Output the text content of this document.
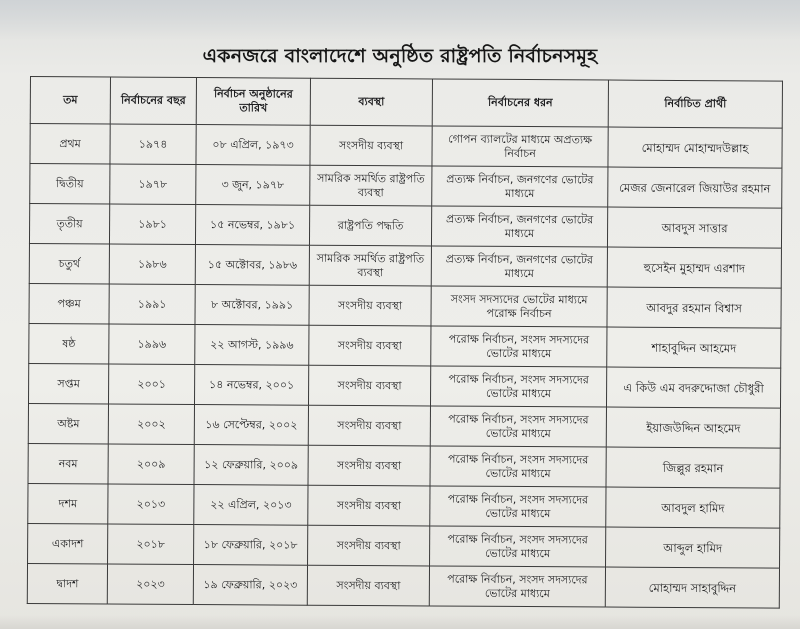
একনজরে বাংলাদেশে অনুষ্ঠিত রাষ্ট্রপতি নির্বাচনসমূহ
তম	নির্বাচনের বছর	নির্বাচন অনুষ্ঠানের তারিখ	ব্যবস্থা	নির্বাচনের ধরন	নির্বাচিত প্রার্থী
প্রথম	১৯৭৪	০৮ এপ্রিল, ১৯৭৩	সংসদীয় ব্যবস্থা	গোপন ব্যালটের মাধ্যমে অপ্রত্যক্ষ নির্বাচন	মোহাম্মদ মোহাম্মদউল্লাহ
দ্বিতীয়	১৯৭৮	৩ জুন, ১৯৭৮	সামরিক সমর্থিত রাষ্ট্রপতি ব্যবস্থা	প্রত্যক্ষ নির্বাচন, জনগণের ভোটের মাধ্যমে	মেজর জেনারেল জিয়াউর রহমান
তৃতীয়	১৯৮১	১৫ নভেম্বর, ১৯৮১	রাষ্ট্রপতি পদ্ধতি	প্রত্যক্ষ নির্বাচন, জনগণের ভোটের মাধ্যমে	আবদুস সাত্তার
চতুর্থ	১৯৮৬	১৫ অক্টোবর, ১৯৮৬	সামরিক সমর্থিত রাষ্ট্রপতি ব্যবস্থা	প্রত্যক্ষ নির্বাচন, জনগণের ভোটের মাধ্যমে	হুসেইন মুহাম্মদ এরশাদ
পঞ্চম	১৯৯১	৮ অক্টোবর, ১৯৯১	সংসদীয় ব্যবস্থা	সংসদ সদস্যদের ভোটের মাধ্যমে পরোক্ষ নির্বাচন	আবদুর রহমান বিশ্বাস
ষষ্ঠ	১৯৯৬	২২ আগস্ট, ১৯৯৬	সংসদীয় ব্যবস্থা	পরোক্ষ নির্বাচন, সংসদ সদস্যদের ভোটের মাধ্যমে	শাহাবুদ্দিন আহমেদ
সপ্তম	২০০১	১৪ নভেম্বর, ২০০১	সংসদীয় ব্যবস্থা	পরোক্ষ নির্বাচন, সংসদ সদস্যদের ভোটের মাধ্যমে	এ কিউ এম বদরুদ্দোজা চৌধুরী
অষ্টম	২০০২	১৬ সেপ্টেম্বর, ২০০২	সংসদীয় ব্যবস্থা	পরোক্ষ নির্বাচন, সংসদ সদস্যদের ভোটের মাধ্যমে	ইয়াজউদ্দিন আহমেদ
নবম	২০০৯	১২ ফেব্রুয়ারি, ২০০৯	সংসদীয় ব্যবস্থা	পরোক্ষ নির্বাচন, সংসদ সদস্যদের ভোটের মাধ্যমে	জিল্লুর রহমান
দশম	২০১৩	২২ এপ্রিল, ২০১৩	সংসদীয় ব্যবস্থা	পরোক্ষ নির্বাচন, সংসদ সদস্যদের ভোটের মাধ্যমে	আবদুল হামিদ
একাদশ	২০১৮	১৮ ফেব্রুয়ারি, ২০১৮	সংসদীয় ব্যবস্থা	পরোক্ষ নির্বাচন, সংসদ সদস্যদের ভোটের মাধ্যমে	আব্দুল হামিদ
দ্বাদশ	২০২৩	১৯ ফেব্রুয়ারি, ২০২৩	সংসদীয় ব্যবস্থা	পরোক্ষ নির্বাচন, সংসদ সদস্যদের ভোটের মাধ্যমে	মোহাম্মদ সাহাবুদ্দিন
